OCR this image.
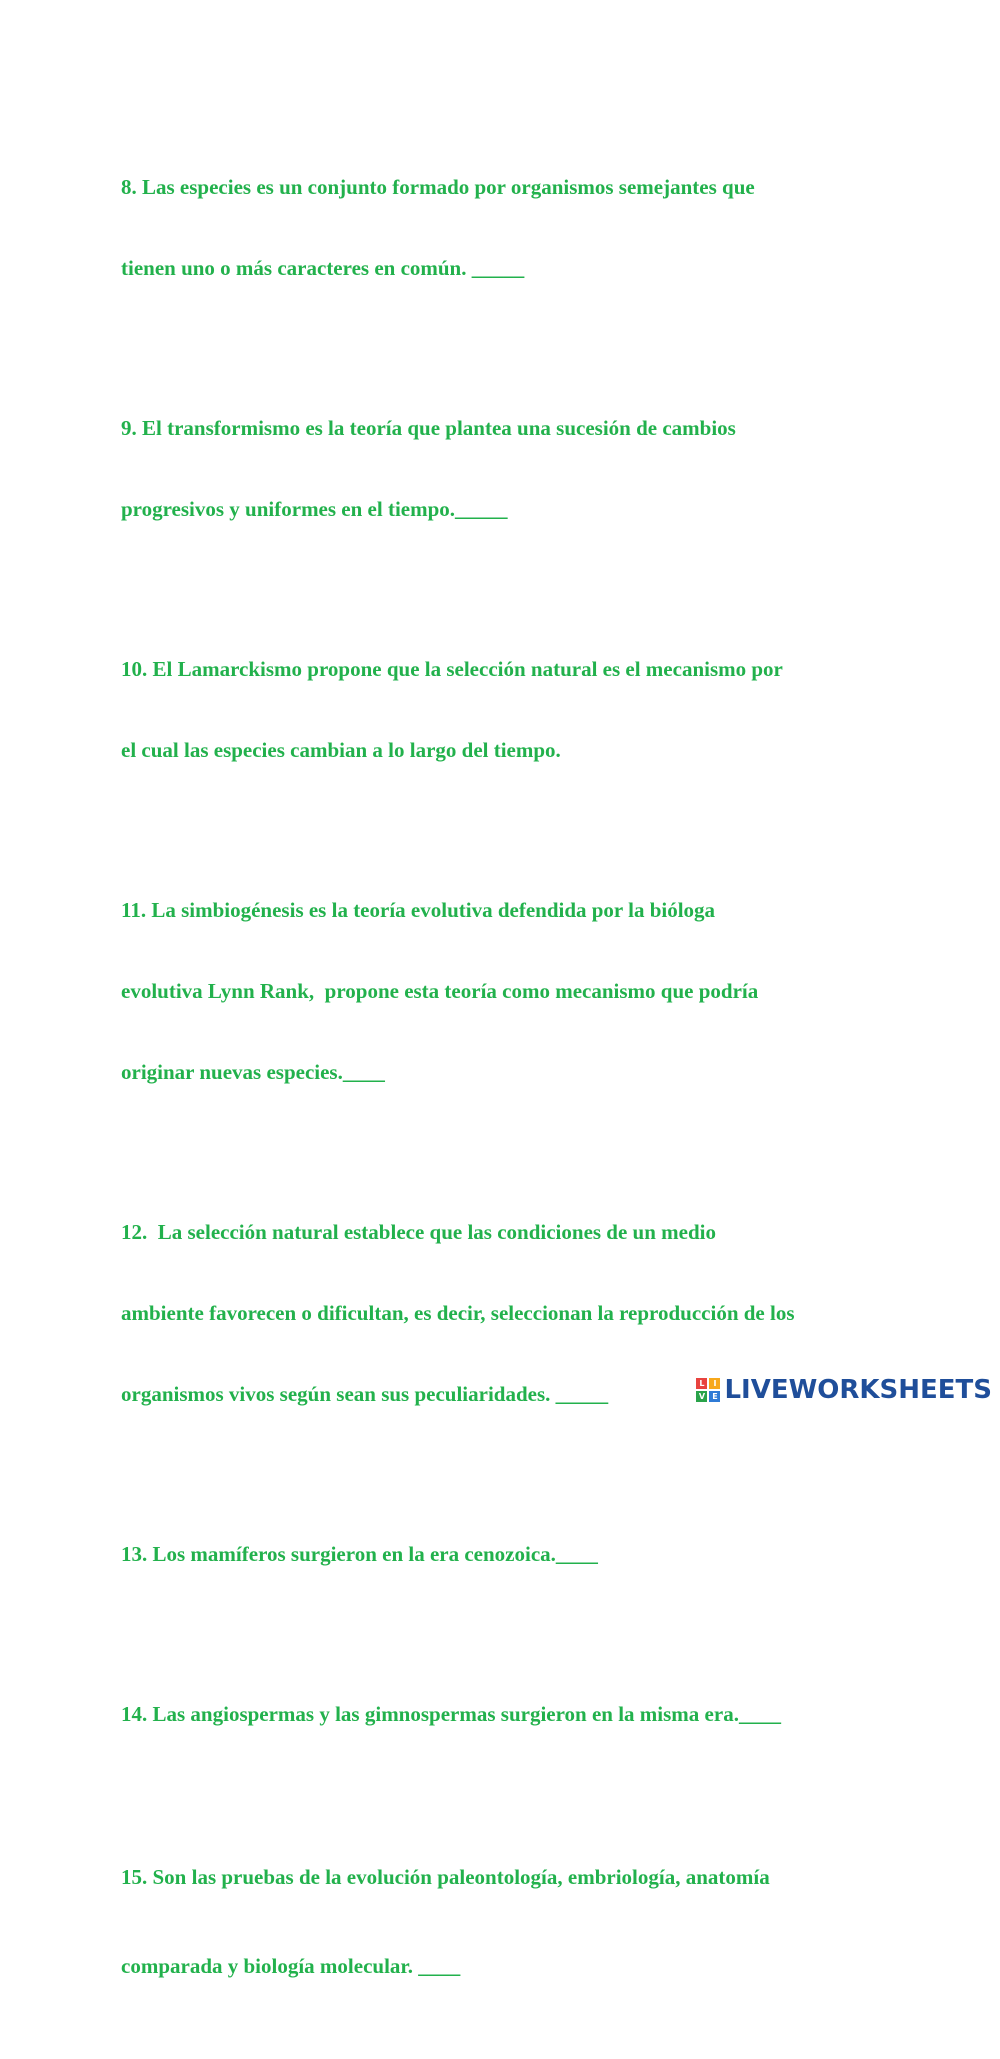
8. Las especies es un conjunto formado por organismos semejantes que

tienen uno o más caracteres en común. _____

9. El transformismo es la teoría que plantea una sucesión de cambios

progresivos y uniformes en el tiempo._____

10. El Lamarckismo propone que la selección natural es el mecanismo por

el cual las especies cambian a lo largo del tiempo.

11. La simbiogénesis es la teoría evolutiva defendida por la bióloga

evolutiva Lynn Rank,  propone esta teoría como mecanismo que podría

originar nuevas especies.____

12.  La selección natural establece que las condiciones de un medio

ambiente favorecen o dificultan, es decir, seleccionan la reproducción de los

organismos vivos según sean sus peculiaridades. _____

13. Los mamíferos surgieron en la era cenozoica.____

14. Las angiospermas y las gimnospermas surgieron en la misma era.____

15. Son las pruebas de la evolución paleontología, embriología, anatomía

comparada y biología molecular. ____

L	I
V E LIVEWORKSHEETS
